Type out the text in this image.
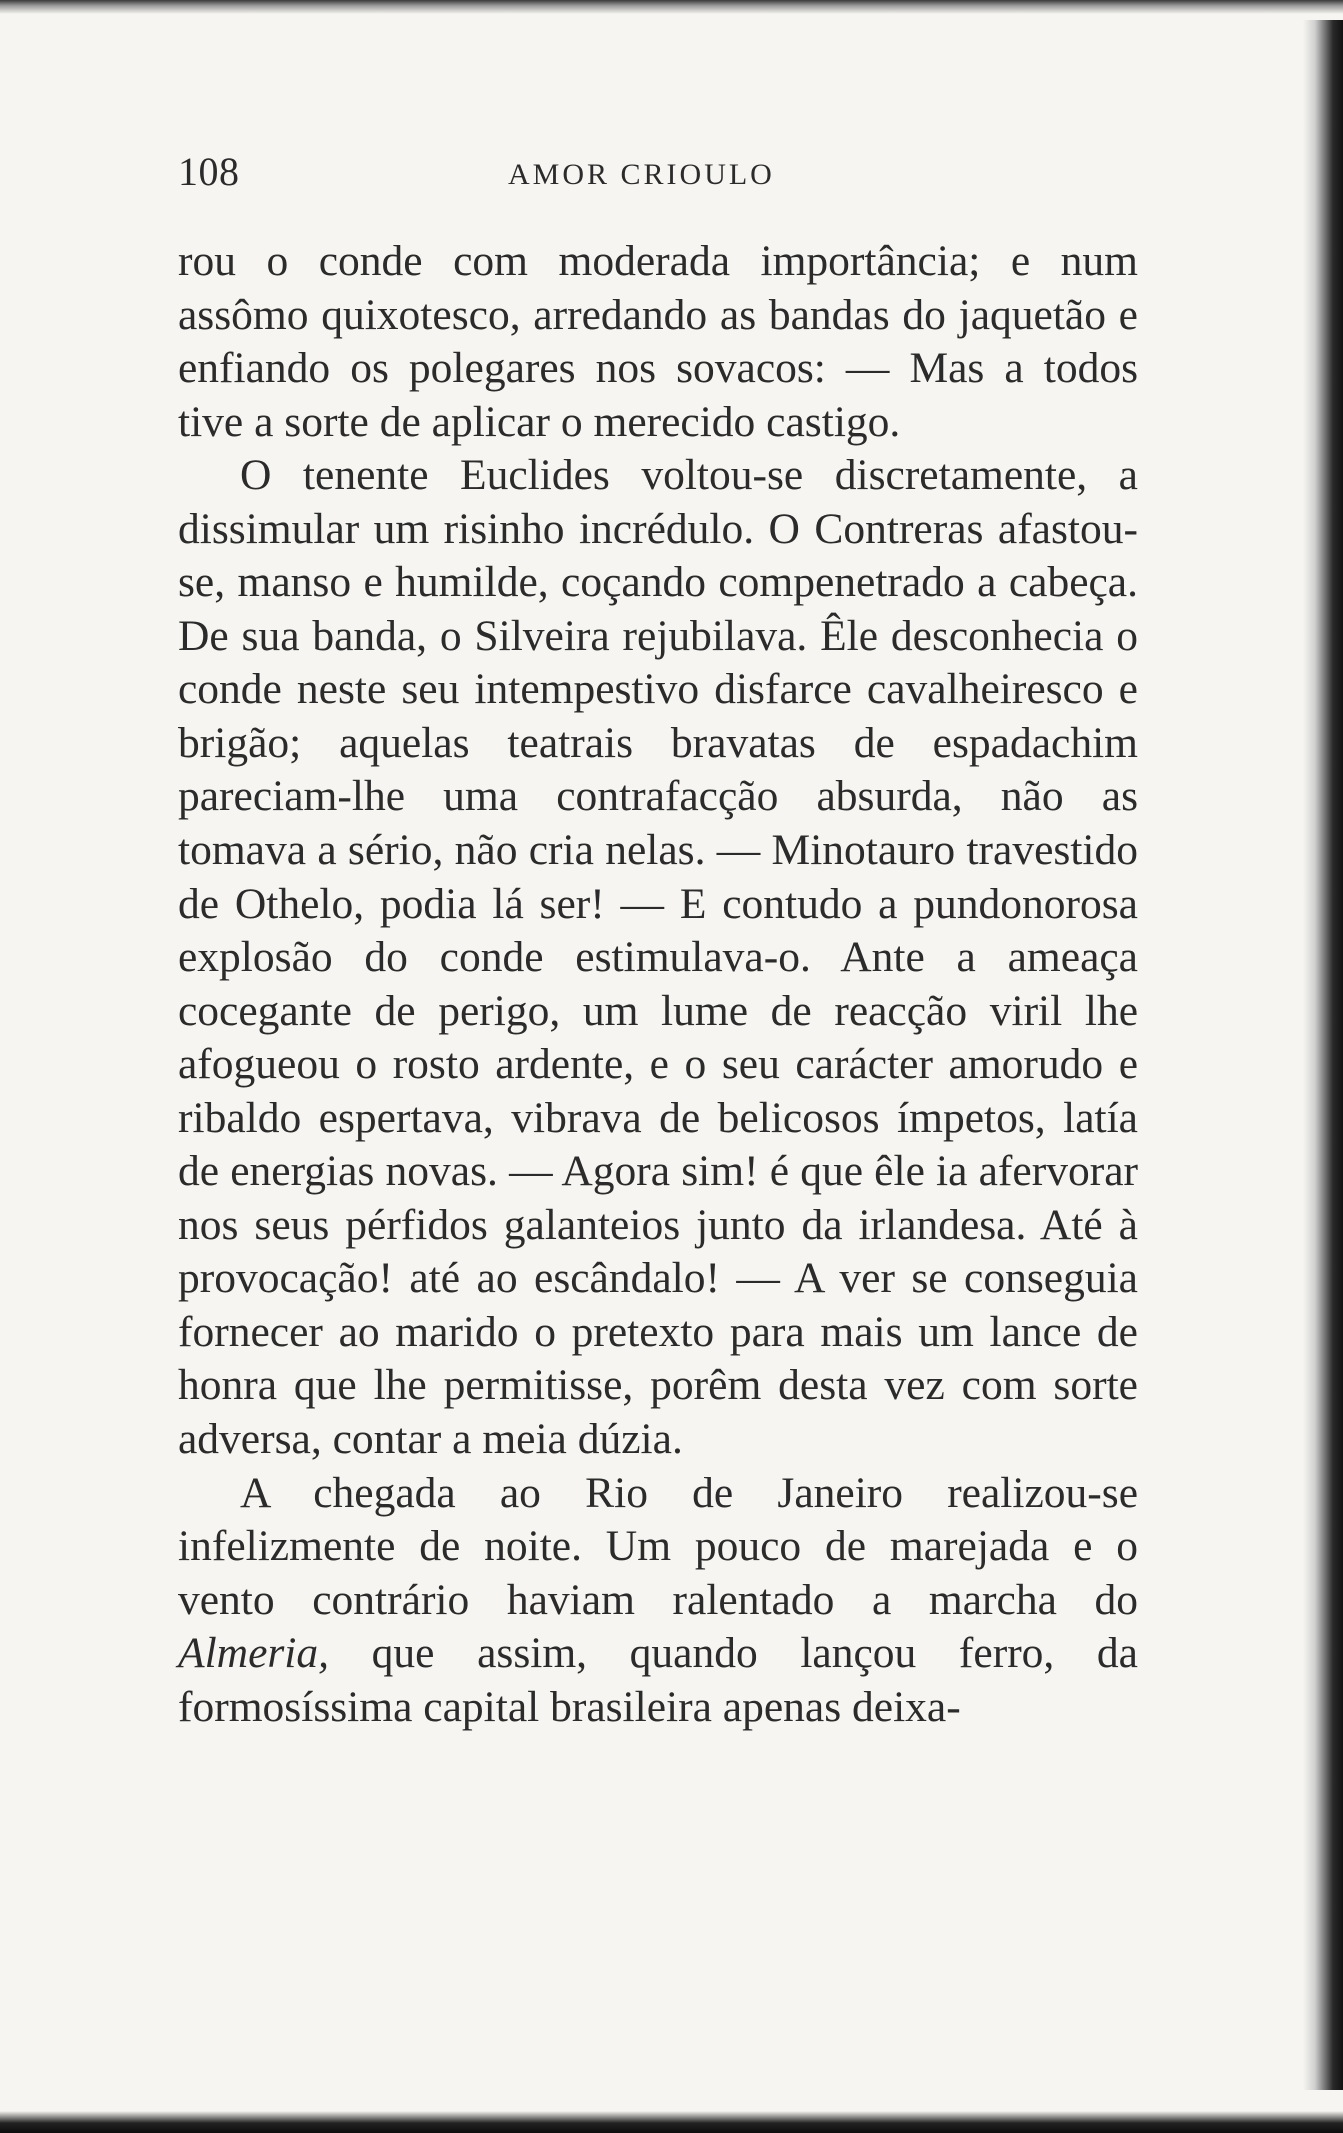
108	AMOR CRIOULO

rou o conde com moderada importância; e num assômo quixotesco, arredando as bandas do jaquetão e enfiando os polegares nos sovacos: — Mas a todos tive a sorte de aplicar o merecido castigo.

O tenente Euclides voltou-se discretamente, a dissimular um risinho incrédulo. O Contreras afastou-se, manso e humilde, coçando compenetrado a cabeça. De sua banda, o Silveira rejubilava. Êle desconhecia o conde neste seu intempestivo disfarce cavalheiresco e brigão; aquelas teatrais bravatas de espadachim pareciam-lhe uma contrafacção absurda, não as tomava a sério, não cria nelas. — Minotauro travestido de Othelo, podia lá ser! — E contudo a pundonorosa explosão do conde estimulava-o. Ante a ameaça cocegante de perigo, um lume de reacção viril lhe afogueou o rosto ardente, e o seu carácter amorudo e ribaldo espertava, vibrava de belicosos ímpetos, latía de energias novas. — Agora sim! é que êle ia afervorar nos seus pérfidos galanteios junto da irlandesa. Até à provocação! até ao escândalo! — A ver se conseguia fornecer ao marido o pretexto para mais um lance de honra que lhe permitisse, porêm desta vez com sorte adversa, contar a meia dúzia.

A chegada ao Rio de Janeiro realizou-se infelizmente de noite. Um pouco de marejada e o vento contrário haviam ralentado a marcha do Almeria, que assim, quando lançou ferro, da formosíssima capital brasileira apenas deixa-
